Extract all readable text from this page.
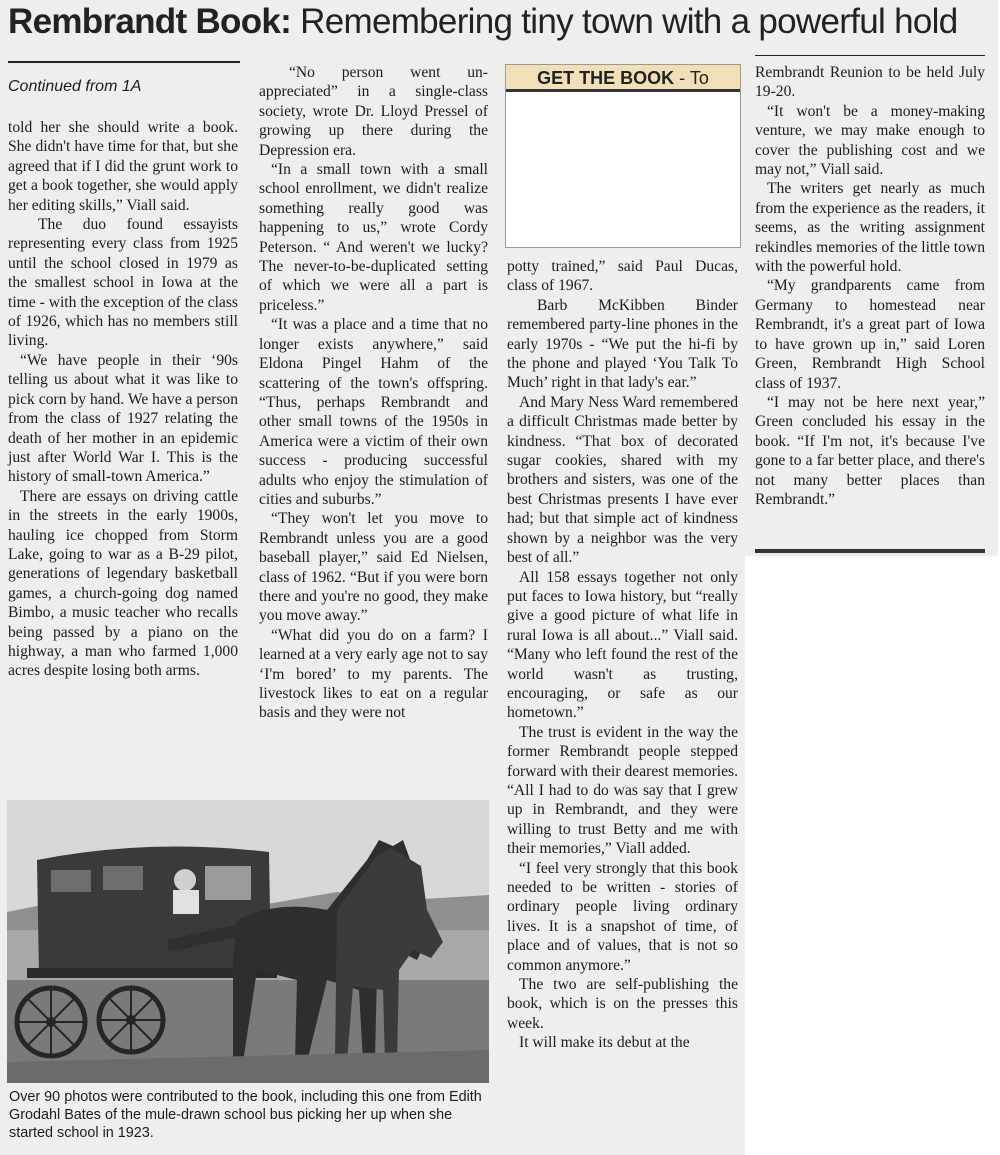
Rembrandt Book: Remembering tiny town with a powerful hold
Continued from 1A

told her she should write a book. She didn't have time for that, but she agreed that if I did the grunt work to get a book together, she would apply her editing skills,” Viall said.

The duo found essayists representing every class from 1925 until the school closed in 1979 as the smallest school in Iowa at the time - with the exception of the class of 1926, which has no members still living.

“We have people in their ‘90s telling us about what it was like to pick corn by hand. We have a person from the class of 1927 relating the death of her mother in an epidemic just after World War I. This is the history of small-town America.”

There are essays on driving cattle in the streets in the early 1900s, hauling ice chopped from Storm Lake, going to war as a B-29 pilot, generations of legendary basketball games, a church-going dog named Bimbo, a music teacher who recalls being passed by a piano on the highway, a man who farmed 1,000 acres despite losing both arms.

“No person went un-appreciated” in a single-class society, wrote Dr. Lloyd Pressel of growing up there during the Depression era.

“In a small town with a small school enrollment, we didn't realize something really good was happening to us,” wrote Cordy Peterson. “ And weren't we lucky? The never-to-be-duplicated setting of which we were all a part is priceless.”

“It was a place and a time that no longer exists anywhere,” said Eldona Pingel Hahm of the scattering of the town's offspring. “Thus, perhaps Rembrandt and other small towns of the 1950s in America were a victim of their own success - producing successful adults who enjoy the stimulation of cities and suburbs.”

“They won't let you move to Rembrandt unless you are a good baseball player,” said Ed Nielsen, class of 1962. “But if you were born there and you're no good, they make you move away.”

“What did you do on a farm? I learned at a very early age not to say ‘I'm bored’ to my parents. The livestock likes to eat on a regular basis and they were not

GET THE BOOK - To

potty trained,” said Paul Ducas, class of 1967.

Barb McKibben Binder remembered party-line phones in the early 1970s - “We put the hi-fi by the phone and played ‘You Talk To Much’ right in that lady's ear.”

And Mary Ness Ward remembered a difficult Christmas made better by kindness. “That box of decorated sugar cookies, shared with my brothers and sisters, was one of the best Christmas presents I have ever had; but that simple act of kindness shown by a neighbor was the very best of all.”

All 158 essays together not only put faces to Iowa history, but “really give a good picture of what life in rural Iowa is all about...” Viall said. “Many who left found the rest of the world wasn't as trusting, encouraging, or safe as our hometown.”

The trust is evident in the way the former Rembrandt people stepped forward with their dearest memories. “All I had to do was say that I grew up in Rembrandt, and they were willing to trust Betty and me with their memories,” Viall added.

“I feel very strongly that this book needed to be written - stories of ordinary people living ordinary lives. It is a snapshot of time, of place and of values, that is not so common anymore.”

The two are self-publishing the book, which is on the presses this week.

It will make its debut at the

Rembrandt Reunion to be held July 19-20.

“It won't be a money-making venture, we may make enough to cover the publishing cost and we may not,” Viall said.

The writers get nearly as much from the experience as the readers, it seems, as the writing assignment rekindles memories of the little town with the powerful hold.

“My grandparents came from Germany to homestead near Rembrandt, it's a great part of Iowa to have grown up in,” said Loren Green, Rembrandt High School class of 1937.

“I may not be here next year,” Green concluded his essay in the book. “If I'm not, it's because I've gone to a far better place, and there's not many better places than Rembrandt.”

Over 90 photos were contributed to the book, including this one from Edith Grodahl Bates of the mule-drawn school bus picking her up when she started school in 1923.
